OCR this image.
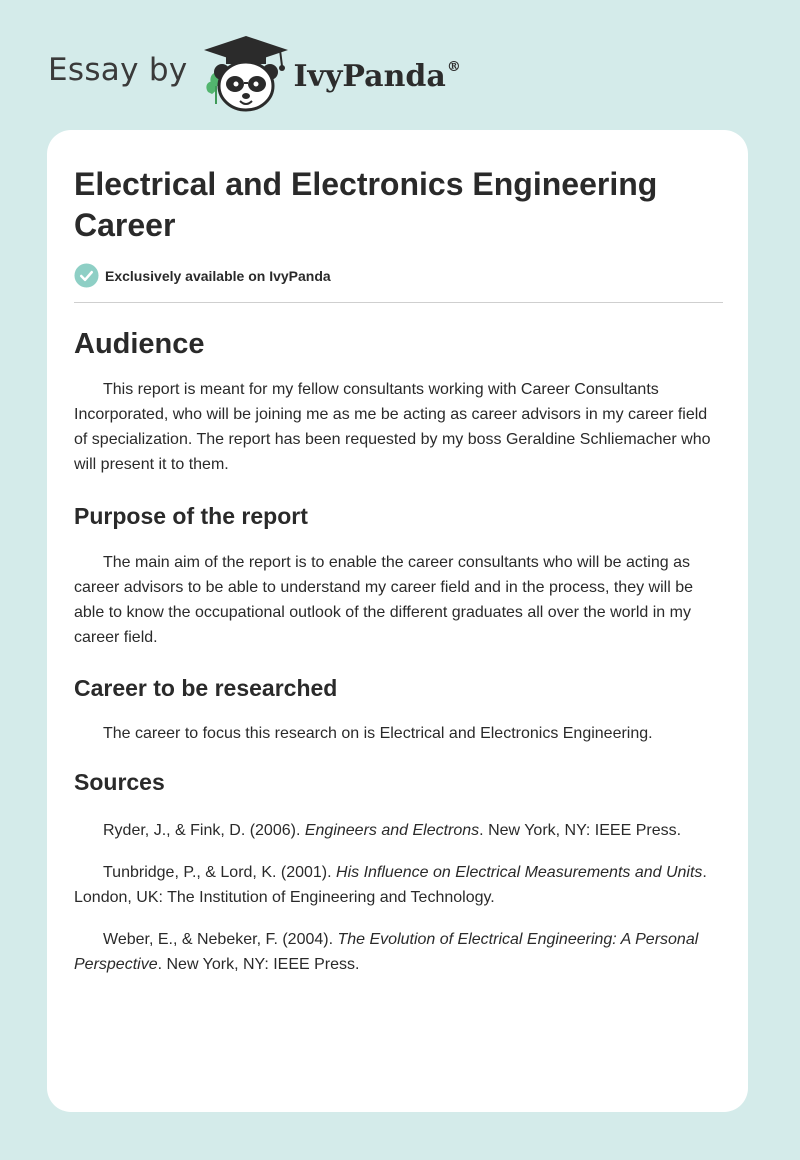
Essay by	IvyPanda®
Electrical and Electronics Engineering Career
Exclusively available on IvyPanda
Audience

This report is meant for my fellow consultants working with Career Consultants Incorporated, who will be joining me as me be acting as career advisors in my career field of specialization. The report has been requested by my boss Geraldine Schliemacher who will present it to them.

Purpose of the report

The main aim of the report is to enable the career consultants who will be acting as career advisors to be able to understand my career field and in the process, they will be able to know the occupational outlook of the different graduates all over the world in my career field.

Career to be researched

The career to focus this research on is Electrical and Electronics Engineering.

Sources

Ryder, J., & Fink, D. (2006). Engineers and Electrons. New York, NY: IEEE Press.

Tunbridge, P., & Lord, K. (2001). His Influence on Electrical Measurements and Units. London, UK: The Institution of Engineering and Technology.

Weber, E., & Nebeker, F. (2004). The Evolution of Electrical Engineering: A Personal Perspective. New York, NY: IEEE Press.
